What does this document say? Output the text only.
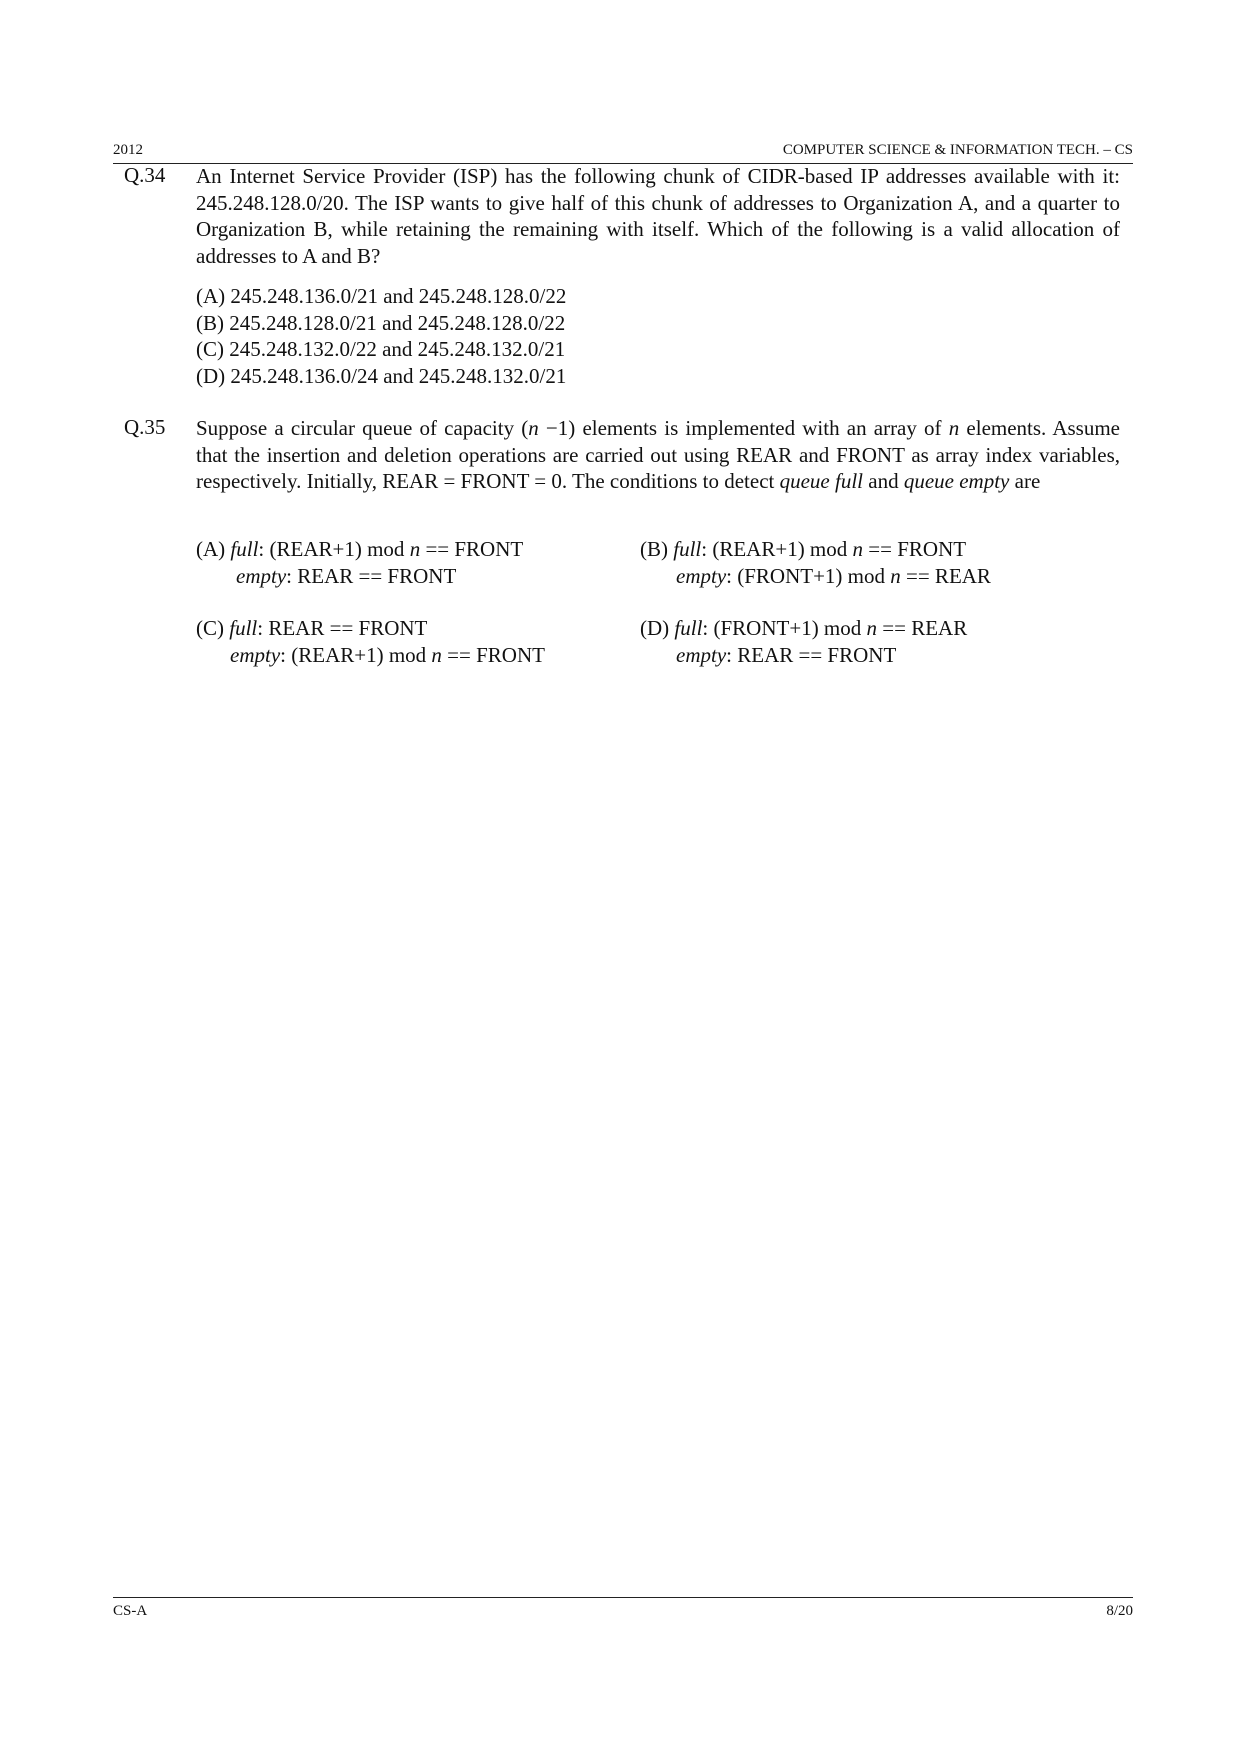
2012	COMPUTER SCIENCE & INFORMATION TECH. – CS
Q.34 An Internet Service Provider (ISP) has the following chunk of CIDR-based IP addresses available with it: 245.248.128.0/20. The ISP wants to give half of this chunk of addresses to Organization A, and a quarter to Organization B, while retaining the remaining with itself. Which of the following is a valid allocation of addresses to A and B?
(A) 245.248.136.0/21 and 245.248.128.0/22
(B) 245.248.128.0/21 and 245.248.128.0/22
(C) 245.248.132.0/22 and 245.248.132.0/21
(D) 245.248.136.0/24 and 245.248.132.0/21
Q.35 Suppose a circular queue of capacity (n −1) elements is implemented with an array of n elements. Assume that the insertion and deletion operations are carried out using REAR and FRONT as array index variables, respectively. Initially, REAR = FRONT = 0. The conditions to detect queue full and queue empty are
(A) full: (REAR+1) mod n == FRONT
empty: REAR == FRONT
(B) full: (REAR+1) mod n == FRONT
empty: (FRONT+1) mod n == REAR
(C) full: REAR == FRONT
empty: (REAR+1) mod n == FRONT
(D) full: (FRONT+1) mod n == REAR
empty: REAR == FRONT
CS-A	8/20
